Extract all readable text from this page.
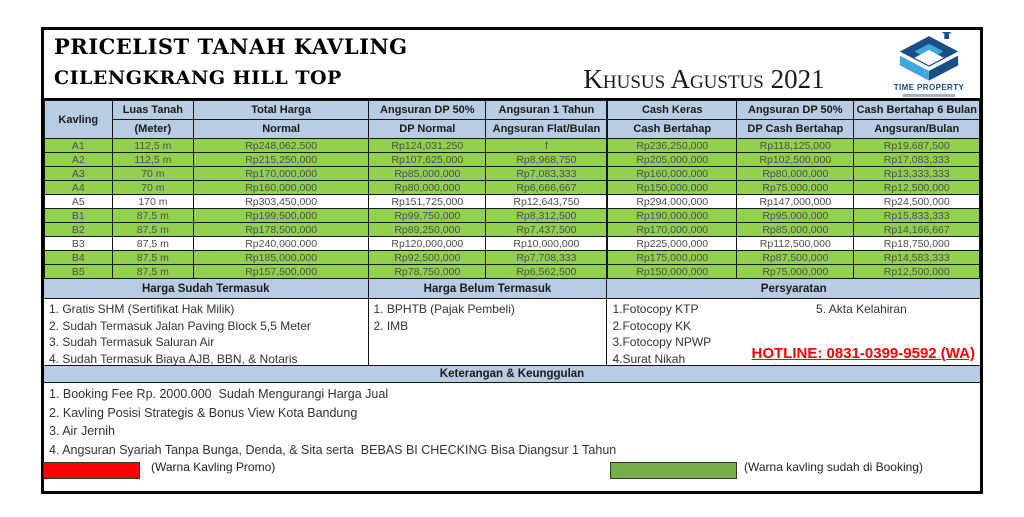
PRICELIST TANAH KAVLING
CILENGKRANG HILL TOP	Khusus Agustus 2021	TIME PROPERTY
Kavling	Luas Tanah	Total Harga	Angsuran DP 50%	Angsuran 1 Tahun	Cash Keras	Angsuran DP 50%	Cash Bertahap 6 Bulan
	(Meter)	Normal	DP Normal	Angsuran Flat/Bulan	Cash Bertahap	DP Cash Bertahap	Angsuran/Bulan
A1	112,5 m	Rp248,062,500	Rp124,031,250	f	Rp236,250,000	Rp118,125,000	Rp19,687,500
A2	112,5 m	Rp215,250,000	Rp107,625,000	Rp8,968,750	Rp205,000,000	Rp102,500,000	Rp17,083,333
A3	70 m	Rp170,000,000	Rp85,000,000	Rp7,083,333	Rp160,000,000	Rp80,000,000	Rp13,333,333
A4	70 m	Rp160,000,000	Rp80,000,000	Rp6,666,667	Rp150,000,000	Rp75,000,000	Rp12,500,000
A5	170 m	Rp303,450,000	Rp151,725,000	Rp12,643,750	Rp294,000,000	Rp147,000,000	Rp24,500,000
B1	87,5 m	Rp199,500,000	Rp99,750,000	Rp8,312,500	Rp190,000,000	Rp95,000,000	Rp15,833,333
B2	87,5 m	Rp178,500,000	Rp89,250,000	Rp7,437,500	Rp170,000,000	Rp85,000,000	Rp14,166,667
B3	87,5 m	Rp240,000,000	Rp120,000,000	Rp10,000,000	Rp225,000,000	Rp112,500,000	Rp18,750,000
B4	87,5 m	Rp185,000,000	Rp92,500,000	Rp7,708,333	Rp175,000,000	Rp87,500,000	Rp14,583,333
B5	87,5 m	Rp157,500,000	Rp78,750,000	Rp6,562,500	Rp150,000,000	Rp75,000,000	Rp12,500,000
Harga Sudah Termasuk	Harga Belum Termasuk	Persyaratan
1. Gratis SHM (Sertifikat Hak Milik)
2. Sudah Termasuk Jalan Paving Block 5,5 Meter
3. Sudah Termasuk Saluran Air
4. Sudah Termasuk Biaya AJB, BBN, & Notaris
1. BPHTB (Pajak Pembeli)
2. IMB
1.Fotocopy KTP
2.Fotocopy KK
3.Fotocopy NPWP
4.Surat Nikah
5. Akta Kelahiran
HOTLINE: 0831-0399-9592 (WA)
Keterangan & Keunggulan
1. Booking Fee Rp. 2000.000  Sudah Mengurangi Harga Jual
2. Kavling Posisi Strategis & Bonus View Kota Bandung
3. Air Jernih
4. Angsuran Syariah Tanpa Bunga, Denda, & Sita serta  BEBAS BI CHECKING Bisa Diangsur 1 Tahun
(Warna Kavling Promo)	(Warna kavling sudah di Booking)
